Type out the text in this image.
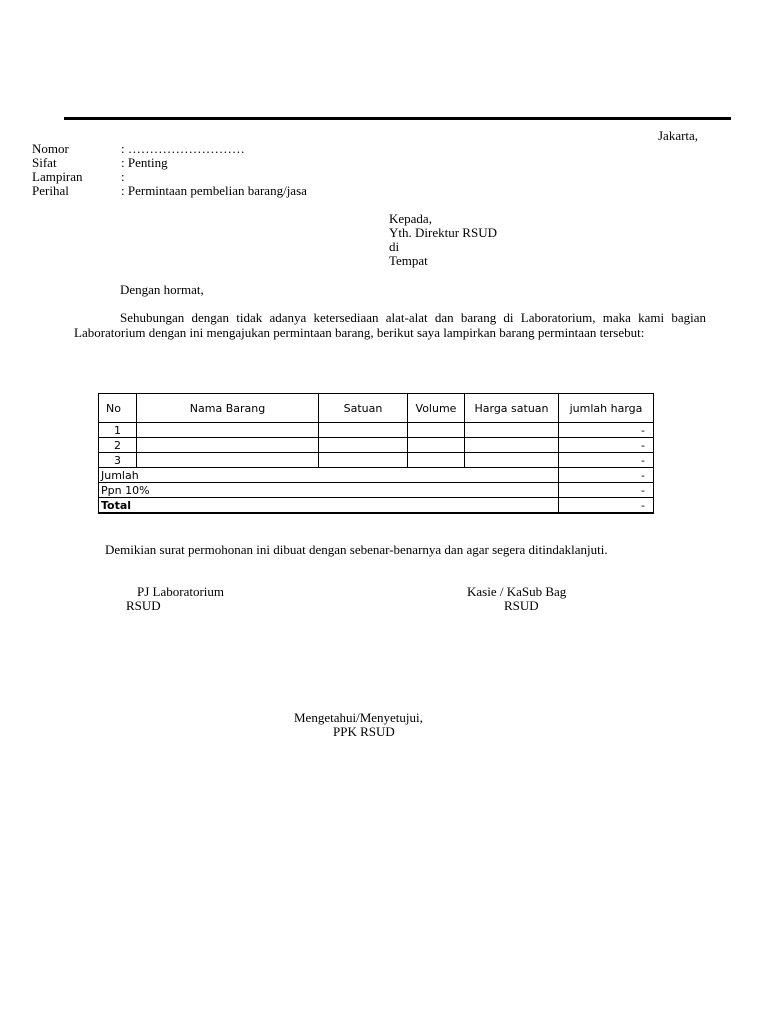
Jakarta,
Nomor	: ………………………
Sifat	: Penting
Lampiran	:
Perihal	: Permintaan pembelian barang/jasa
Kepada,
Yth. Direktur RSUD
di
Tempat
Dengan hormat,
Sehubungan dengan tidak adanya ketersediaan alat-alat dan barang di Laboratorium, maka kami bagian Laboratorium dengan ini mengajukan permintaan barang, berikut saya lampirkan barang permintaan tersebut:
No	Nama Barang	Satuan	Volume	Harga satuan	jumlah harga
1					-
2					-
3					-
Jumlah					-
Ppn 10%					-
Total					-
Demikian surat permohonan ini dibuat dengan sebenar-benarnya dan agar segera ditindaklanjuti.
PJ Laboratorium
RSUD
Kasie / KaSub Bag
RSUD
Mengetahui/Menyetujui,
PPK RSUD
